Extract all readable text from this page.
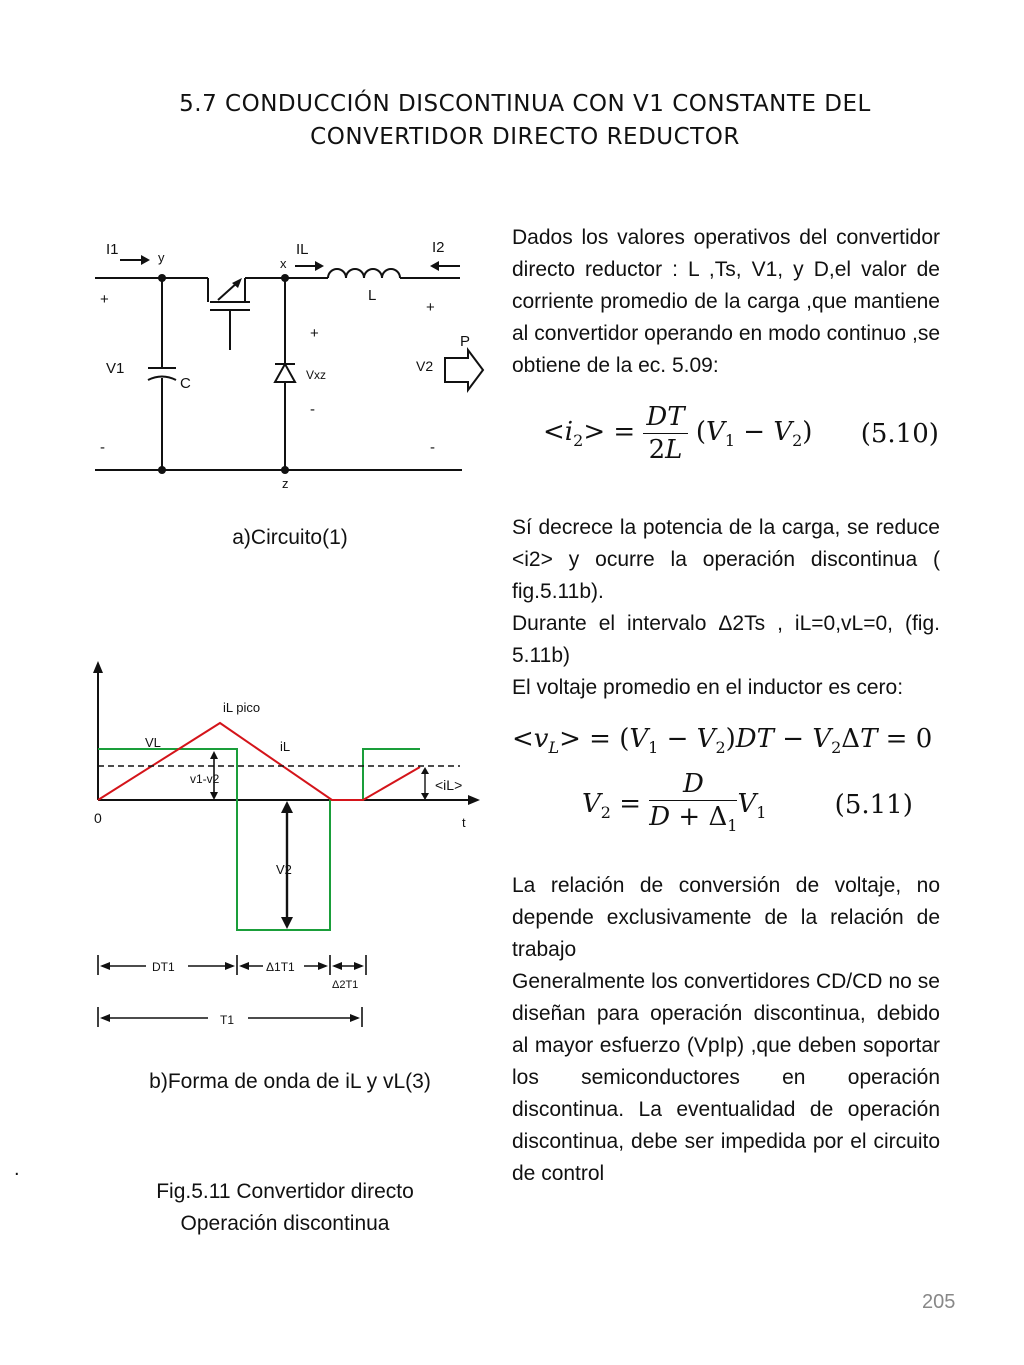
5.7 CONDUCCIÓN DISCONTINUA CON V1 CONSTANTE DEL
CONVERTIDOR DIRECTO REDUCTOR
I1	y	IL
x
I2
L
+
+
+
P
V1
C	Vxz
V2
-
-
-
z
a)Circuito(1)
iL pico
VL	iL
v1-v2	<iL>
0	t
V2
DT1	Δ1T1
Δ2T1
T1
b)Forma de onda de iL y vL(3)
.
Fig.5.11 Convertidor directo
Operación discontinua
Dados los valores operativos del convertidor directo reductor : L ,Ts, V1, y D,el valor de corriente promedio de la carga ,que mantiene al convertidor operando en modo continuo ,se obtiene de la ec. 5.09:
$<i_2> = \frac{DT}{2L} (V_1 - V_2)$ (5.10)
Sí decrece la potencia de la carga, se reduce <i2> y ocurre la operación discontinua ( fig.5.11b).
Durante el intervalo Δ2Ts , iL=0,vL=0, (fig. 5.11b)
El voltaje promedio en el inductor es cero:
$<v_L> = (V_1 - V_2)DT - V_2\Delta T = 0$
$V_2 = \frac{D}{D + \Delta_1} V_1$	(5.11)
La relación de conversión de voltaje, no depende exclusivamente de la relación de trabajo
Generalmente los convertidores CD/CD no se diseñan para operación discontinua, debido al mayor esfuerzo (VpIp) ,que deben soportar los semiconductores en operación discontinua. La eventualidad de operación discontinua, debe ser impedida por el circuito de control
205
